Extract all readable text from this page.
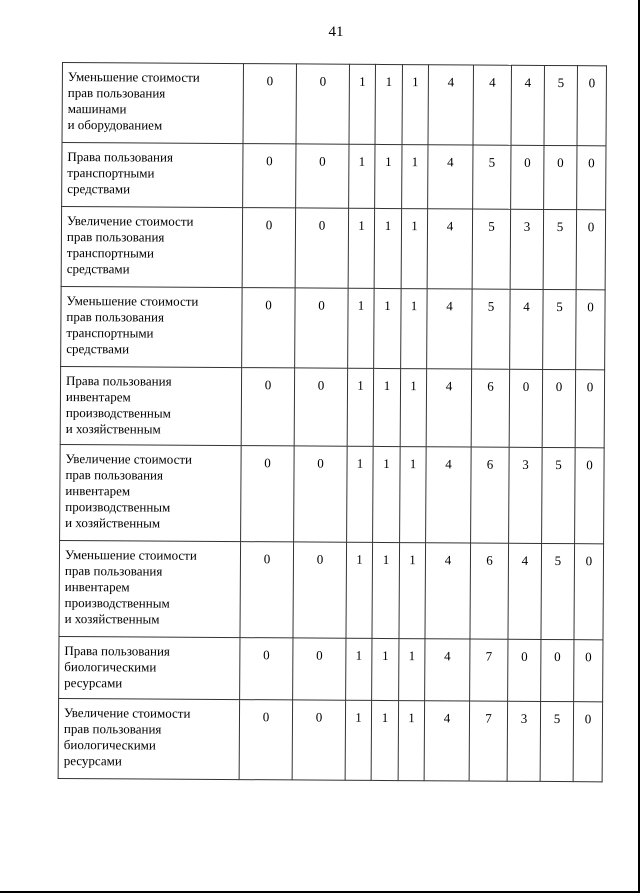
41
Уменьшение стоимости
прав пользования
машинами
и оборудованием	0	0	1	1	1	4	4	4	5	0
Права пользования
транспортными
средствами	0	0	1	1	1	4	5	0	0	0
Увеличение стоимости
прав пользования
транспортными
средствами	0	0	1	1	1	4	5	3	5	0
Уменьшение стоимости
прав пользования
транспортными
средствами	0	0	1	1	1	4	5	4	5	0
Права пользования
инвентарем
производственным
и хозяйственным	0	0	1	1	1	4	6	0	0	0
Увеличение стоимости
прав пользования
инвентарем
производственным
и хозяйственным	0	0	1	1	1	4	6	3	5	0
Уменьшение стоимости
прав пользования
инвентарем
производственным
и хозяйственным	0	0	1	1	1	4	6	4	5	0
Права пользования
биологическими
ресурсами	0	0	1	1	1	4	7	0	0	0
Увеличение стоимости
прав пользования
биологическими
ресурсами	0	0	1	1	1	4	7	3	5	0
